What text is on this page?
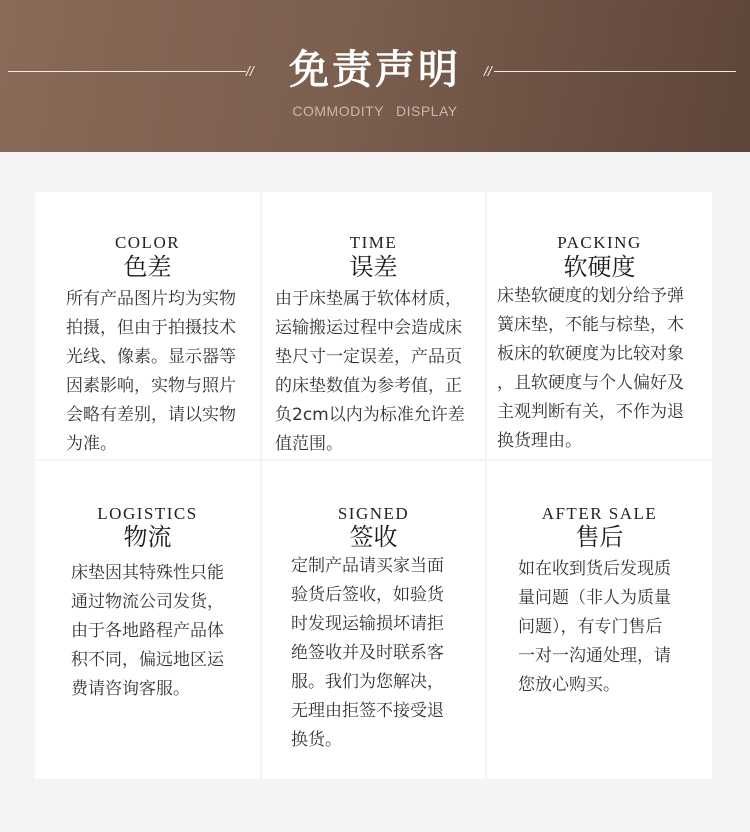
// 免责声明	//
COMMODITY DISPLAY
COLOR
色差
所有产品图片均为实物
拍摄，但由于拍摄技术
光线、像素。显示器等
因素影响，实物与照片
会略有差别，请以实物
为准。
TIME
误差
由于床垫属于软体材质，
运输搬运过程中会造成床
垫尺寸一定误差，产品页
的床垫数值为参考值，正
负2cm以内为标准允许差
值范围。
PACKING
软硬度
床垫软硬度的划分给予弹
簧床垫，不能与棕垫，木
板床的软硬度为比较对象
，且软硬度与个人偏好及
主观判断有关，不作为退
换货理由。
LOGISTICS
物流
床垫因其特殊性只能
通过物流公司发货，
由于各地路程产品体
积不同，偏远地区运
费请咨询客服。
SIGNED
签收
定制产品请买家当面
验货后签收，如验货
时发现运输损坏请拒
绝签收并及时联系客
服。我们为您解决，
无理由拒签不接受退
换货。
AFTER SALE
售后
如在收到货后发现质
量问题（非人为质量
问题），有专门售后
一对一沟通处理，请
您放心购买。
